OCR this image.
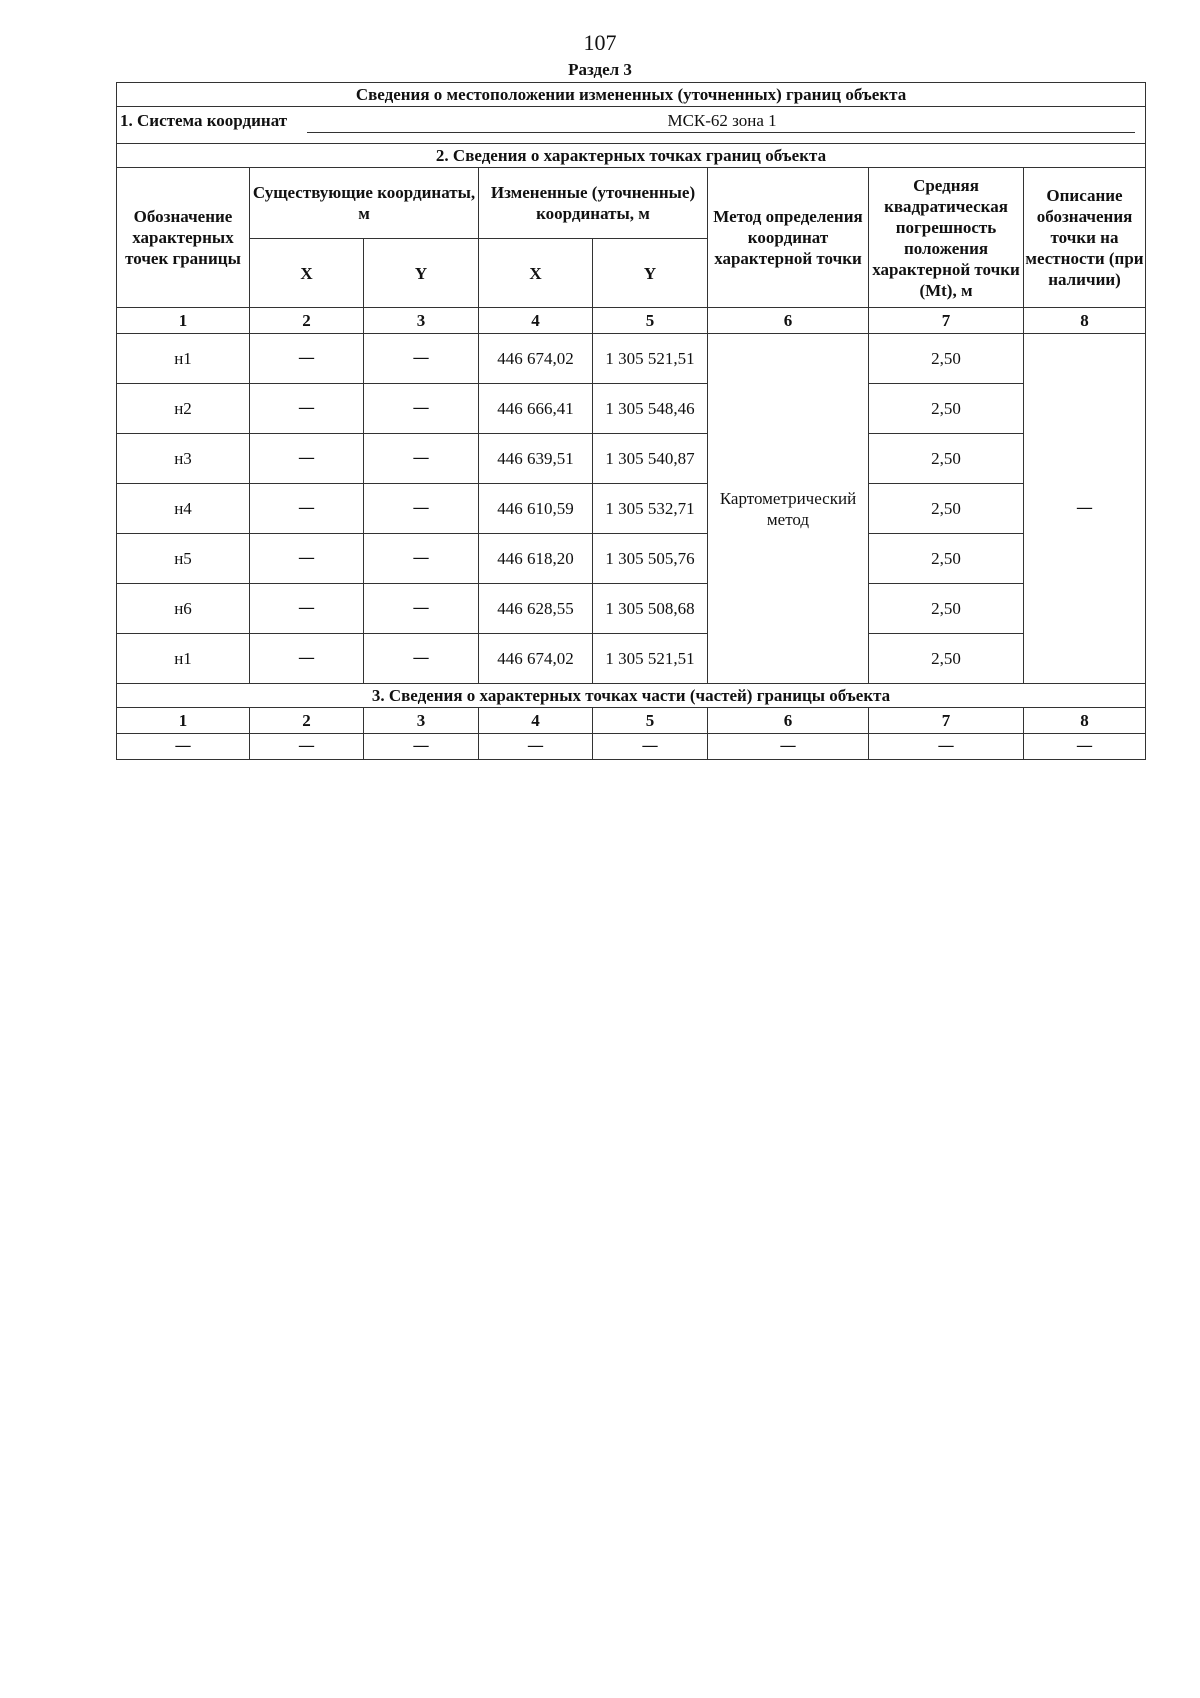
107
Раздел 3
Сведения о местоположении измененных (уточненных) границ объекта							

1. Система координат МСК-62 зона 1							

2. Сведения о характерных точках границ объекта							
Обозначение характерных точек границы	Существующие координаты, м		Измененные (уточненные) координаты, м		Метод определения координат характерной точки	Средняя квадратическая погрешность положения характерной точки (Mt), м	Описание обозначения точки на местности (при наличии)
	X	Y	X	Y			
1	2	3	4	5	6	7	8
н1	—	—	446 674,02	1 305 521,51	Картометрический метод	2,50	—
н2	—	—	446 666,41	1 305 548,46		2,50	
н3	—	—	446 639,51	1 305 540,87		2,50	
н4	—	—	446 610,59	1 305 532,71		2,50	
н5	—	—	446 618,20	1 305 505,76		2,50	
н6	—	—	446 628,55	1 305 508,68		2,50	
н1	—	—	446 674,02	1 305 521,51		2,50	
3. Сведения о характерных точках части (частей) границы объекта							
1	2	3	4	5	6	7	8
—	—	—	—	—	—	—	—
